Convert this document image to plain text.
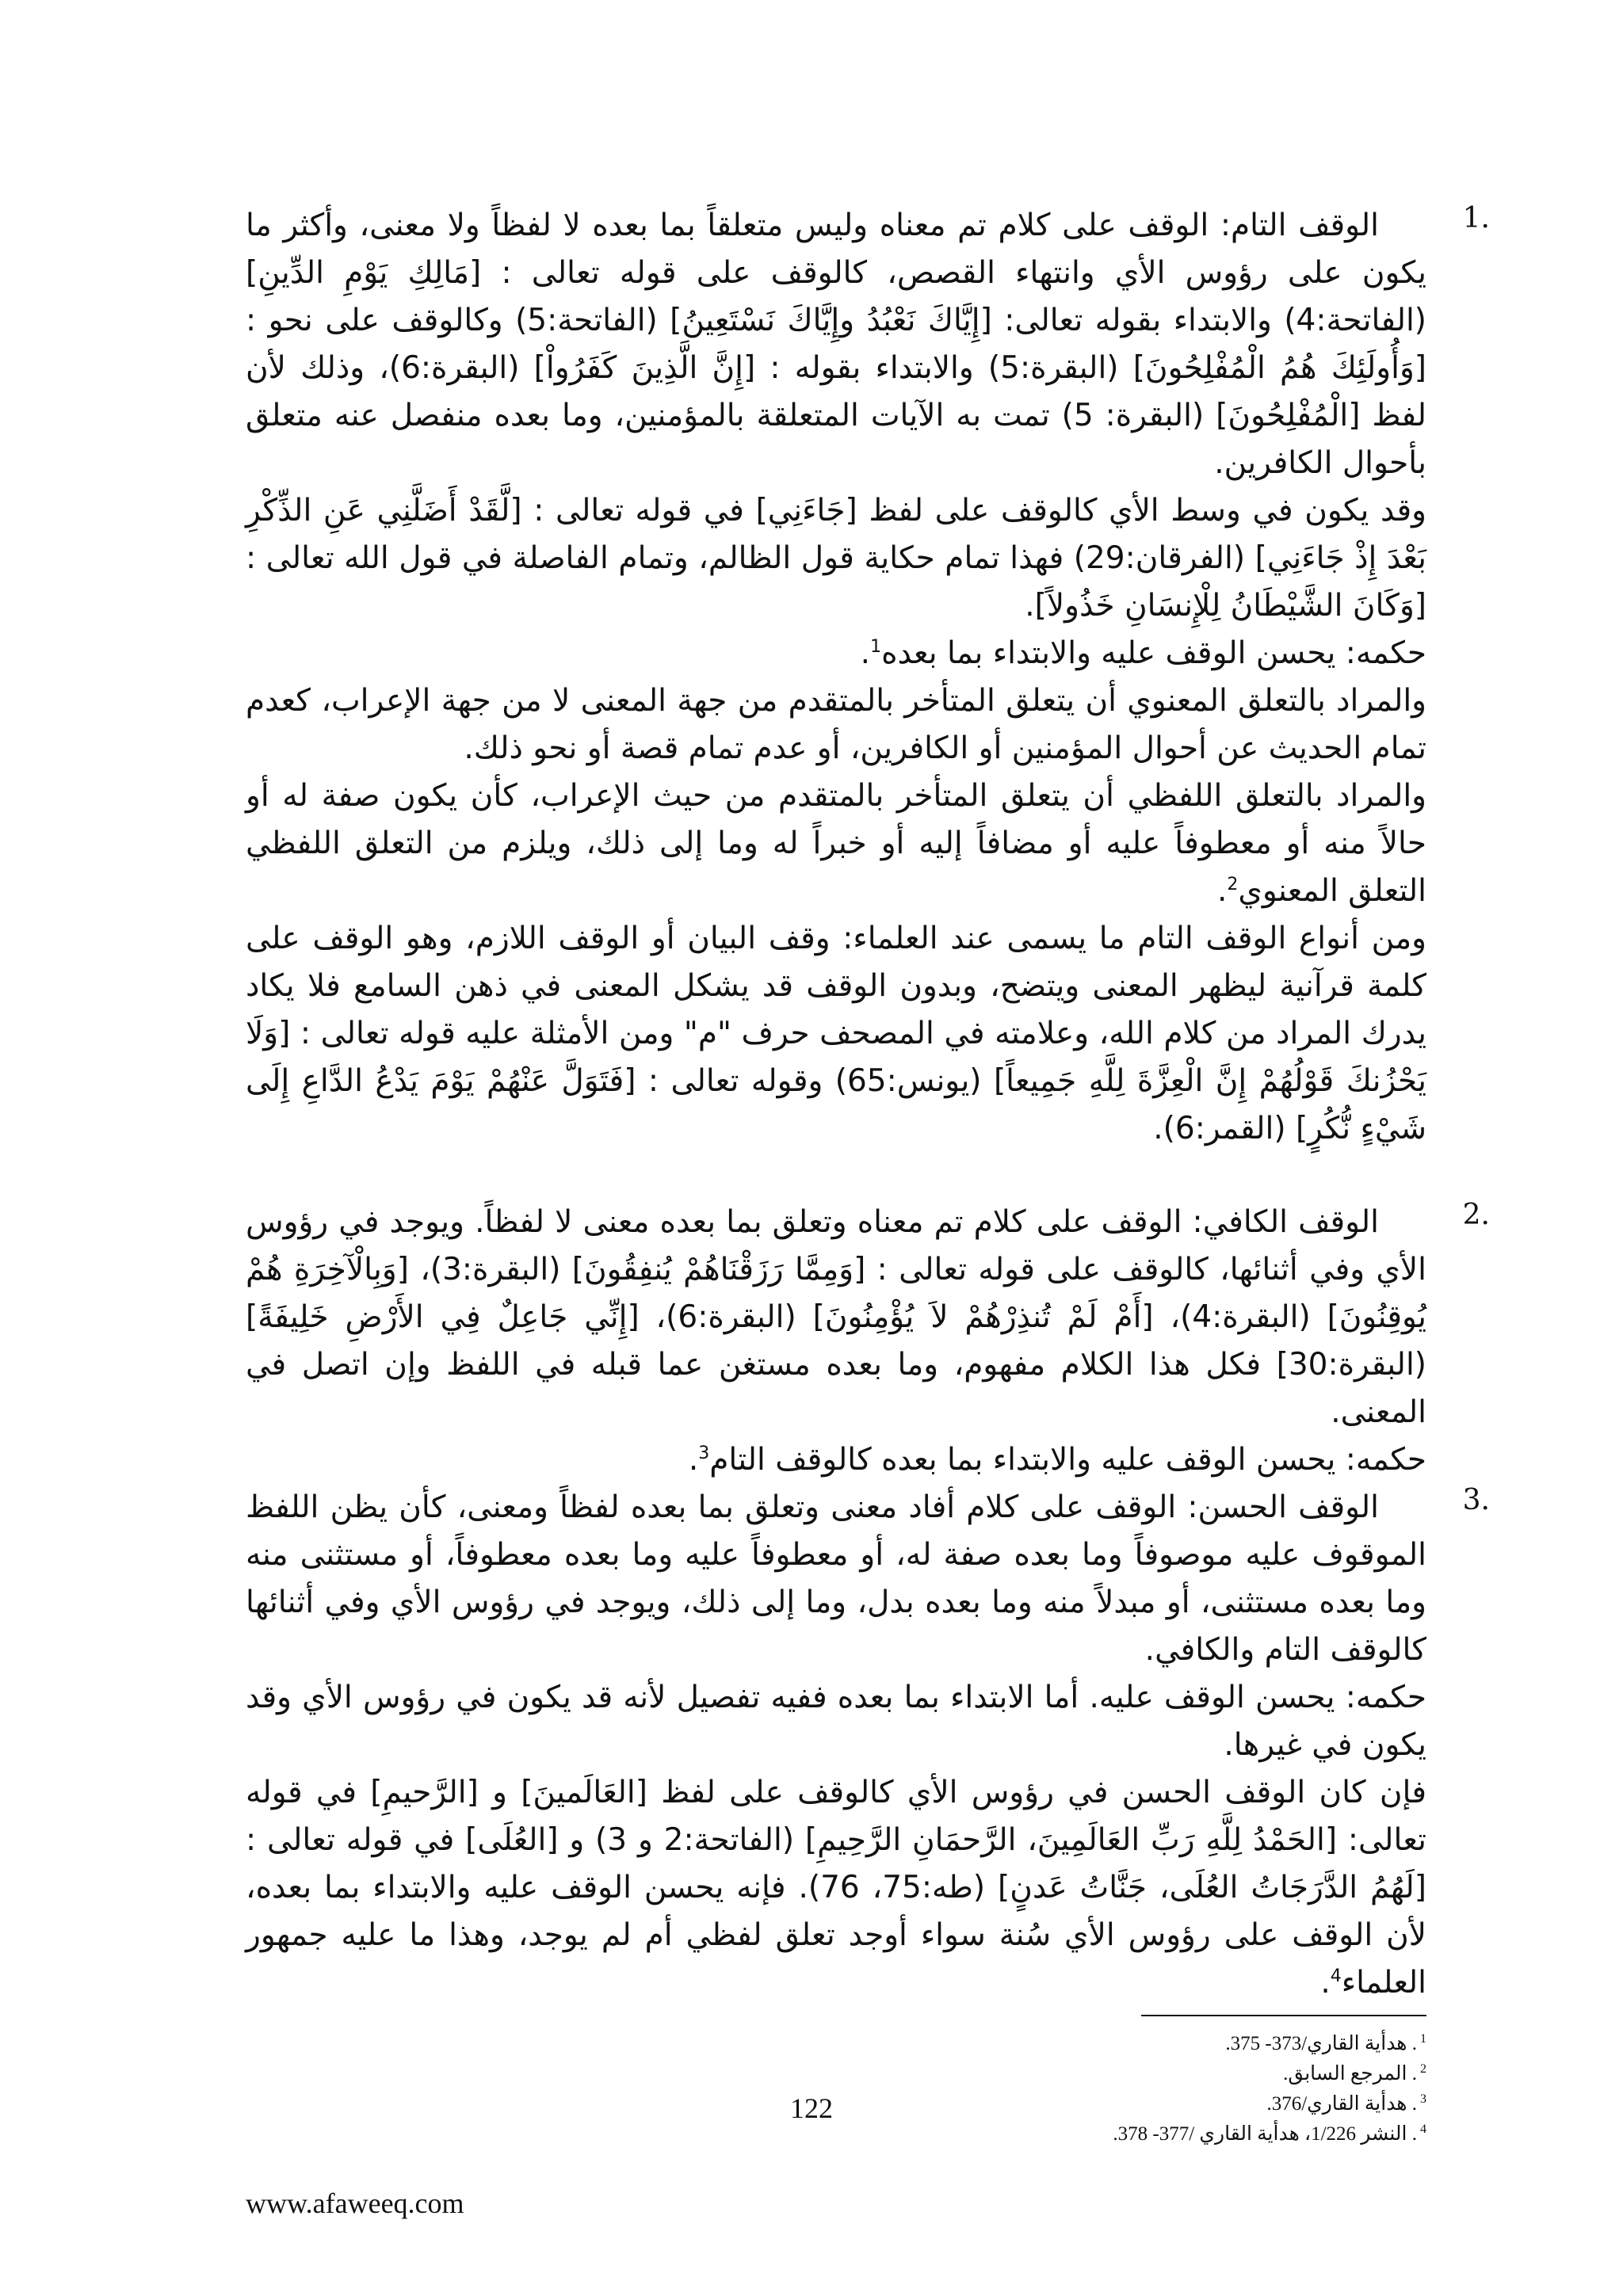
.1

الوقف التام: الوقف على كلام تم معناه وليس متعلقاً بما بعده لا لفظاً ولا معنى، وأكثر ما يكون على رؤوس الأي وانتهاء القصص، كالوقف على قوله تعالى : [مَالِكِ يَوْمِ الدِّينِ] (الفاتحة:4) والابتداء بقوله تعالى: [إِيَّاكَ نَعْبُدُ وإِيَّاكَ نَسْتَعِينُ] (الفاتحة:5) وكالوقف على نحو : [وَأُولَئِكَ هُمُ الْمُفْلِحُونَ] (البقرة:5) والابتداء بقوله : [إِنَّ الَّذِينَ كَفَرُواْ] (البقرة:6)، وذلك لأن لفظ [الْمُفْلِحُونَ] (البقرة: 5) تمت به الآيات المتعلقة بالمؤمنين، وما بعده منفصل عنه متعلق بأحوال الكافرين.

وقد يكون في وسط الأي كالوقف على لفظ [جَاءَنِي] في قوله تعالى : [لَّقَدْ أَضَلَّنِي عَنِ الذِّكْرِ بَعْدَ إِذْ جَاءَنِي] (الفرقان:29) فهذا تمام حكاية قول الظالم، وتمام الفاصلة في قول الله تعالى : [وَكَانَ الشَّيْطَانُ لِلْإِنسَانِ خَذُولاً].

حكمه: يحسن الوقف عليه والابتداء بما بعده$^1$.

والمراد بالتعلق المعنوي أن يتعلق المتأخر بالمتقدم من جهة المعنى لا من جهة الإعراب، كعدم تمام الحديث عن أحوال المؤمنين أو الكافرين، أو عدم تمام قصة أو نحو ذلك.

والمراد بالتعلق اللفظي أن يتعلق المتأخر بالمتقدم من حيث الإعراب، كأن يكون صفة له أو حالاً منه أو معطوفاً عليه أو مضافاً إليه أو خبراً له وما إلى ذلك، ويلزم من التعلق اللفظي التعلق المعنوي$^2$.

ومن أنواع الوقف التام ما يسمى عند العلماء: وقف البيان أو الوقف اللازم، وهو الوقف على كلمة قرآنية ليظهر المعنى ويتضح، وبدون الوقف قد يشكل المعنى في ذهن السامع فلا يكاد يدرك المراد من كلام الله، وعلامته في المصحف حرف "م" ومن الأمثلة عليه قوله تعالى : [وَلَا يَحْزُنكَ قَوْلُهُمْ إِنَّ الْعِزَّةَ لِلَّهِ جَمِيعاً] (يونس:65) وقوله تعالى : [فَتَوَلَّ عَنْهُمْ يَوْمَ يَدْعُ الدَّاعِ إِلَى شَيْءٍ نُّكُرٍ] (القمر:6).

.2

الوقف الكافي: الوقف على كلام تم معناه وتعلق بما بعده معنى لا لفظاً. ويوجد في رؤوس الأي وفي أثنائها، كالوقف على قوله تعالى : [وَمِمَّا رَزَقْنَاهُمْ يُنفِقُونَ] (البقرة:3)، [وَبِالْآخِرَةِ هُمْ يُوقِنُونَ] (البقرة:4)، [أَمْ لَمْ تُنذِرْهُمْ لاَ يُؤْمِنُونَ] (البقرة:6)، [إِنِّي جَاعِلٌ فِي الأَرْضِ خَلِيفَةً] (البقرة:30] فكل هذا الكلام مفهوم، وما بعده مستغن عما قبله في اللفظ وإن اتصل في المعنى.

حكمه: يحسن الوقف عليه والابتداء بما بعده كالوقف التام$^3$.

.3

الوقف الحسن: الوقف على كلام أفاد معنى وتعلق بما بعده لفظاً ومعنى، كأن يظن اللفظ الموقوف عليه موصوفاً وما بعده صفة له، أو معطوفاً عليه وما بعده معطوفاً، أو مستثنى منه وما بعده مستثنى، أو مبدلاً منه وما بعده بدل، وما إلى ذلك، ويوجد في رؤوس الأي وفي أثنائها كالوقف التام والكافي.

حكمه: يحسن الوقف عليه. أما الابتداء بما بعده ففيه تفصيل لأنه قد يكون في رؤوس الأي وقد يكون في غيرها.

فإن كان الوقف الحسن في رؤوس الأي كالوقف على لفظ [العَالَمينَ] و [الرَّحيمِ] في قوله تعالى: [الحَمْدُ لِلَّهِ رَبِّ العَالَمِينَ، الرَّحمَانِ الرَّحِيمِ] (الفاتحة:2 و 3) و [العُلَى] في قوله تعالى : [لَهُمُ الدَّرَجَاتُ العُلَى، جَنَّاتُ عَدنٍ] (طه:75، 76). فإنه يحسن الوقف عليه والابتداء بما بعده، لأن الوقف على رؤوس الأي سُنة سواء أوجد تعلق لفظي أم لم يوجد، وهذا ما عليه جمهور العلماء$^4$.

$^1$. هدأية القاري/373- 375.

$^2$. المرجع السابق.

$^3$. هدأية القاري/376.

$^4$. النشر 1/226، هدأية القاري /377- 378.

122
www.afaweeq.com
